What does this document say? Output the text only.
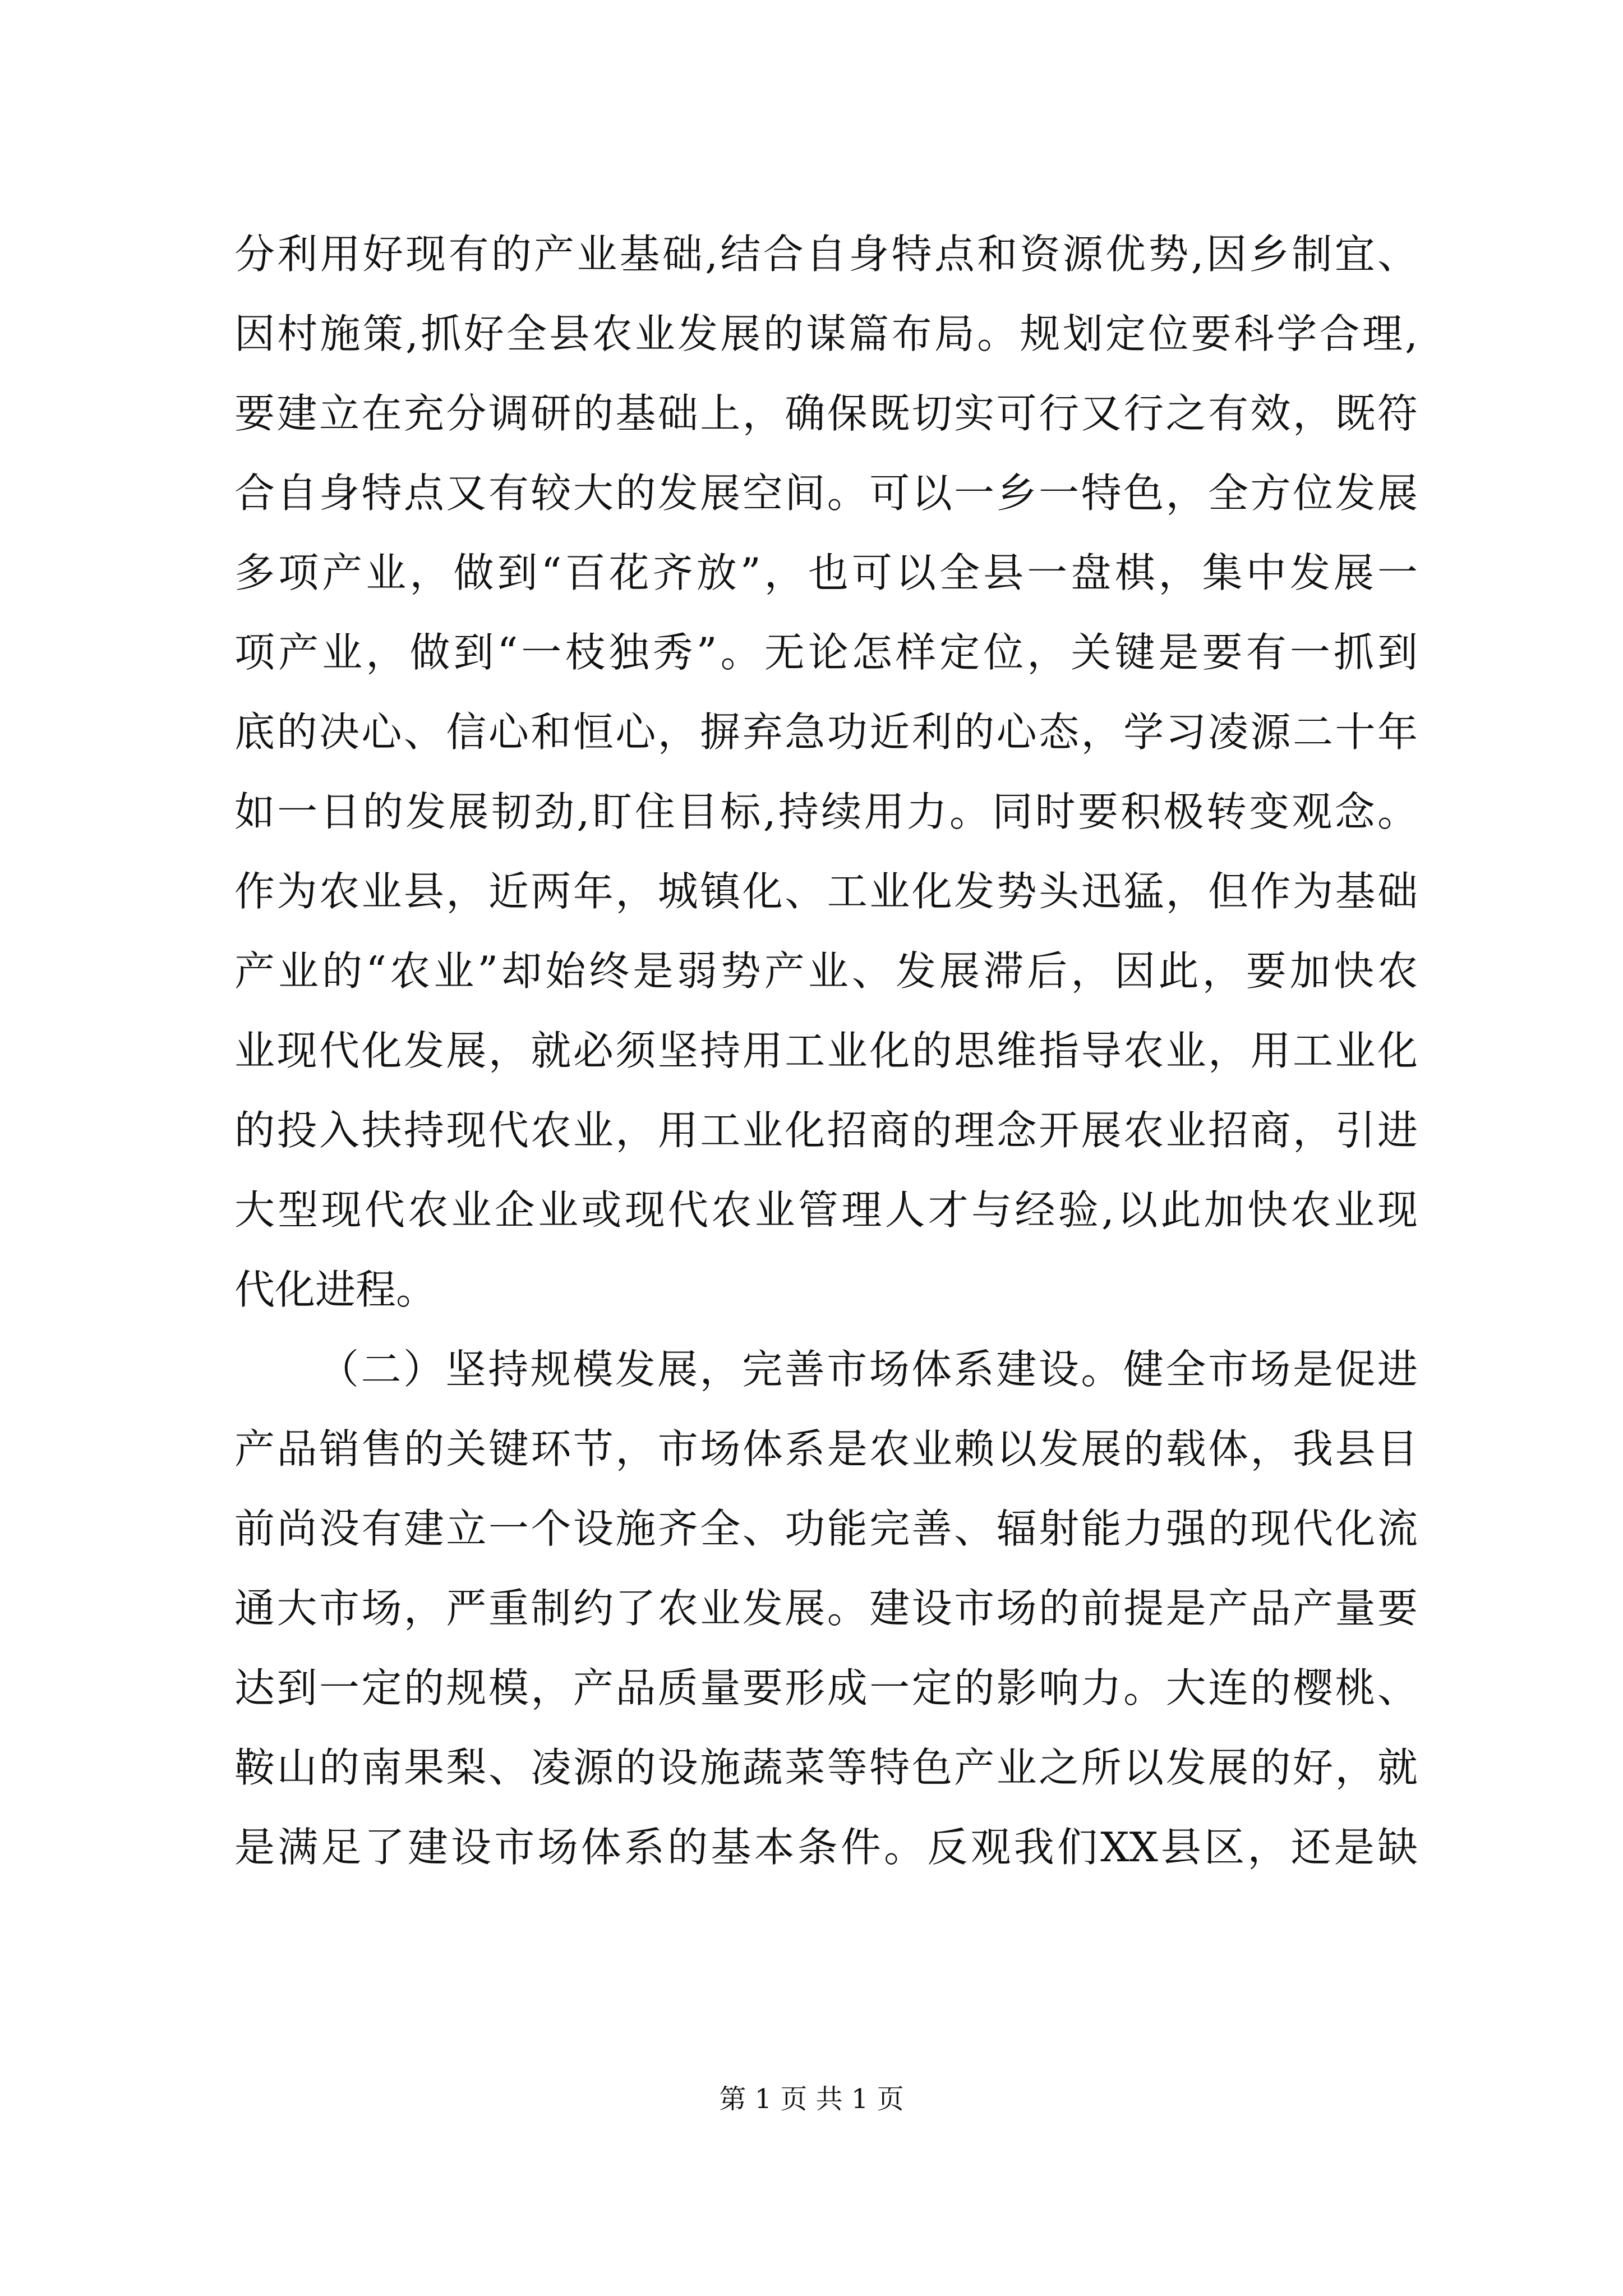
分利用好现有的产业基础,结合自身特点和资源优势,因乡制宜、
因村施策,抓好全县农业发展的谋篇布局。规划定位要科学合理,
要建立在充分调研的基础上，确保既切实可行又行之有效，既符
合自身特点又有较大的发展空间。可以一乡一特色，全方位发展
多项产业，做到“百花齐放”，也可以全县一盘棋，集中发展一
项产业，做到“一枝独秀”。无论怎样定位，关键是要有一抓到
底的决心、信心和恒心，摒弃急功近利的心态，学习凌源二十年
如一日的发展韧劲,盯住目标,持续用力。同时要积极转变观念。
作为农业县，近两年，城镇化、工业化发势头迅猛，但作为基础
产业的“农业”却始终是弱势产业、发展滞后，因此，要加快农
业现代化发展，就必须坚持用工业化的思维指导农业，用工业化
的投入扶持现代农业，用工业化招商的理念开展农业招商，引进
大型现代农业企业或现代农业管理人才与经验,以此加快农业现
代化进程。
（二）坚持规模发展，完善市场体系建设。健全市场是促进
产品销售的关键环节，市场体系是农业赖以发展的载体，我县目
前尚没有建立一个设施齐全、功能完善、辐射能力强的现代化流
通大市场，严重制约了农业发展。建设市场的前提是产品产量要
达到一定的规模，产品质量要形成一定的影响力。大连的樱桃、
鞍山的南果梨、凌源的设施蔬菜等特色产业之所以发展的好，就
是满足了建设市场体系的基本条件。反观我们XX县区，还是缺
第 1 页 共 1 页
